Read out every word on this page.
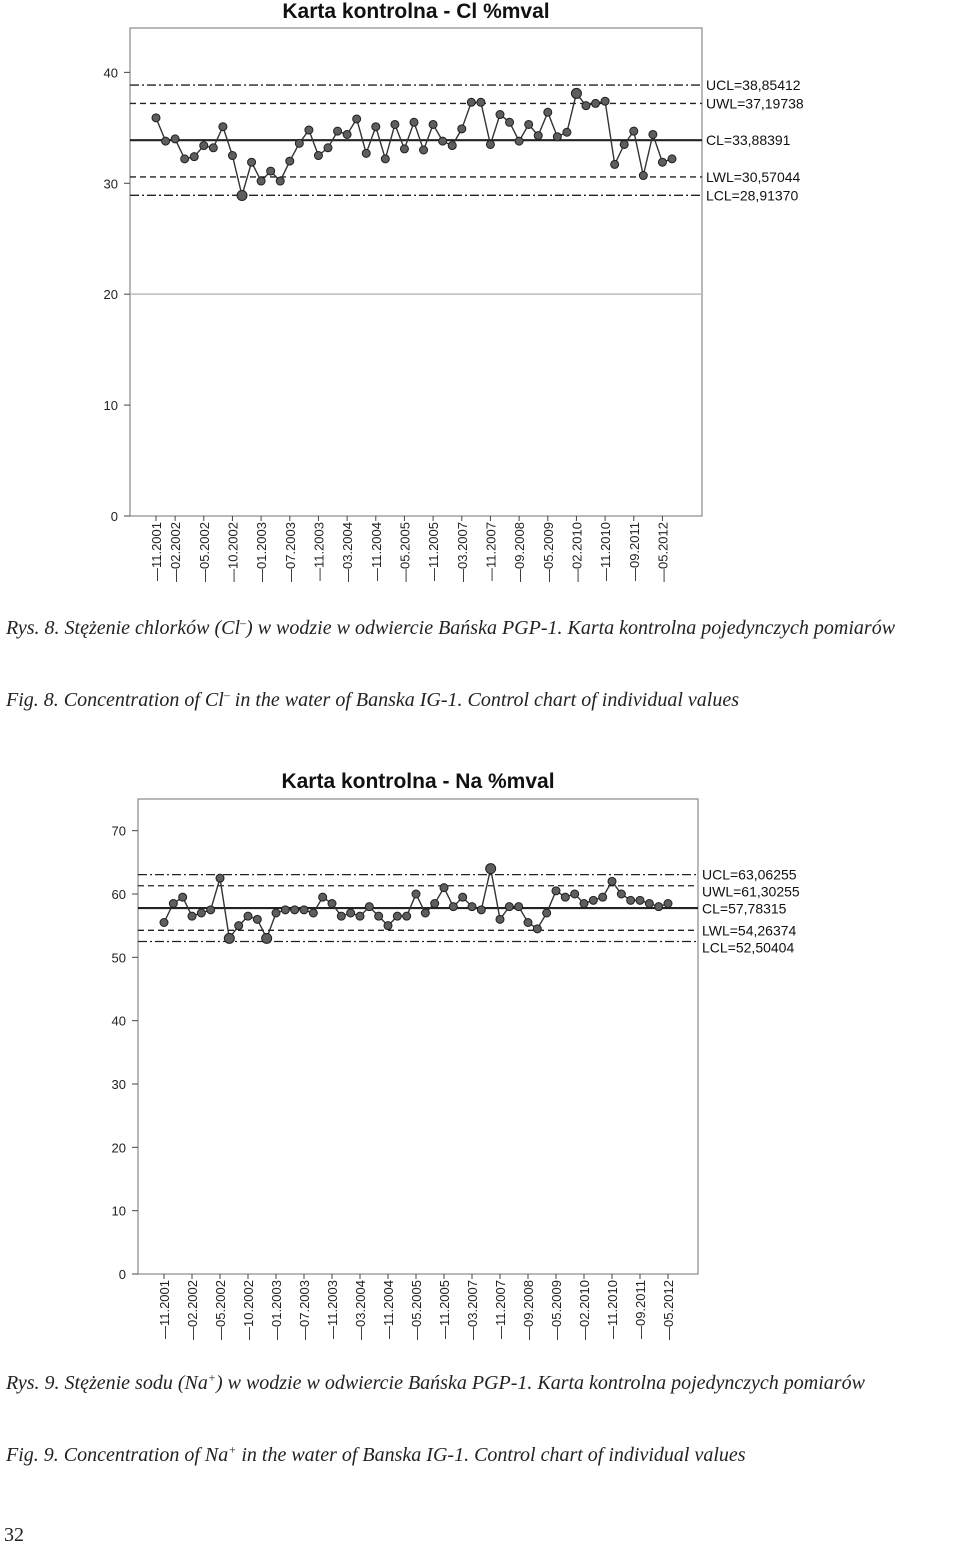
Karta kontrolna - Cl %mval
0
10
20
30
40
UCL=38,85412
UWL=37,19738
CL=33,88391
LWL=30,57044
LCL=28,91370
—11.2001 —02.2002 —05.2002 —10.2002 —01.2003 —07.2003 —11.2003 —03.2004 —11.2004 —05.2005 —11.2005 —03.2007 —11.2007 —09.2008 —05.2009 —02.2010 —11.2010 —09.2011 —05.2012

Rys. 8. Stężenie chlorków (Cl–) w wodzie w odwiercie Bańska PGP-1. Karta kontrolna pojedynczych pomiarów

Fig. 8. Concentration of Cl– in the water of Banska IG-1. Control chart of individual values

Karta kontrolna - Na %mval
0
10
20
30
40
50
60
70
UCL=63,06255
UWL=61,30255
CL=57,78315
LWL=54,26374
LCL=52,50404
—11.2001 —02.2002 —05.2002 —10.2002 —01.2003 —07.2003 —11.2003 —03.2004 —11.2004 —05.2005 —11.2005 —03.2007 —11.2007 —09.2008 —05.2009 —02.2010 —11.2010 —09.2011 —05.2012

Rys. 9. Stężenie sodu (Na+) w wodzie w odwiercie Bańska PGP-1. Karta kontrolna pojedynczych pomiarów

Fig. 9. Concentration of Na+ in the water of Banska IG-1. Control chart of individual values

32
